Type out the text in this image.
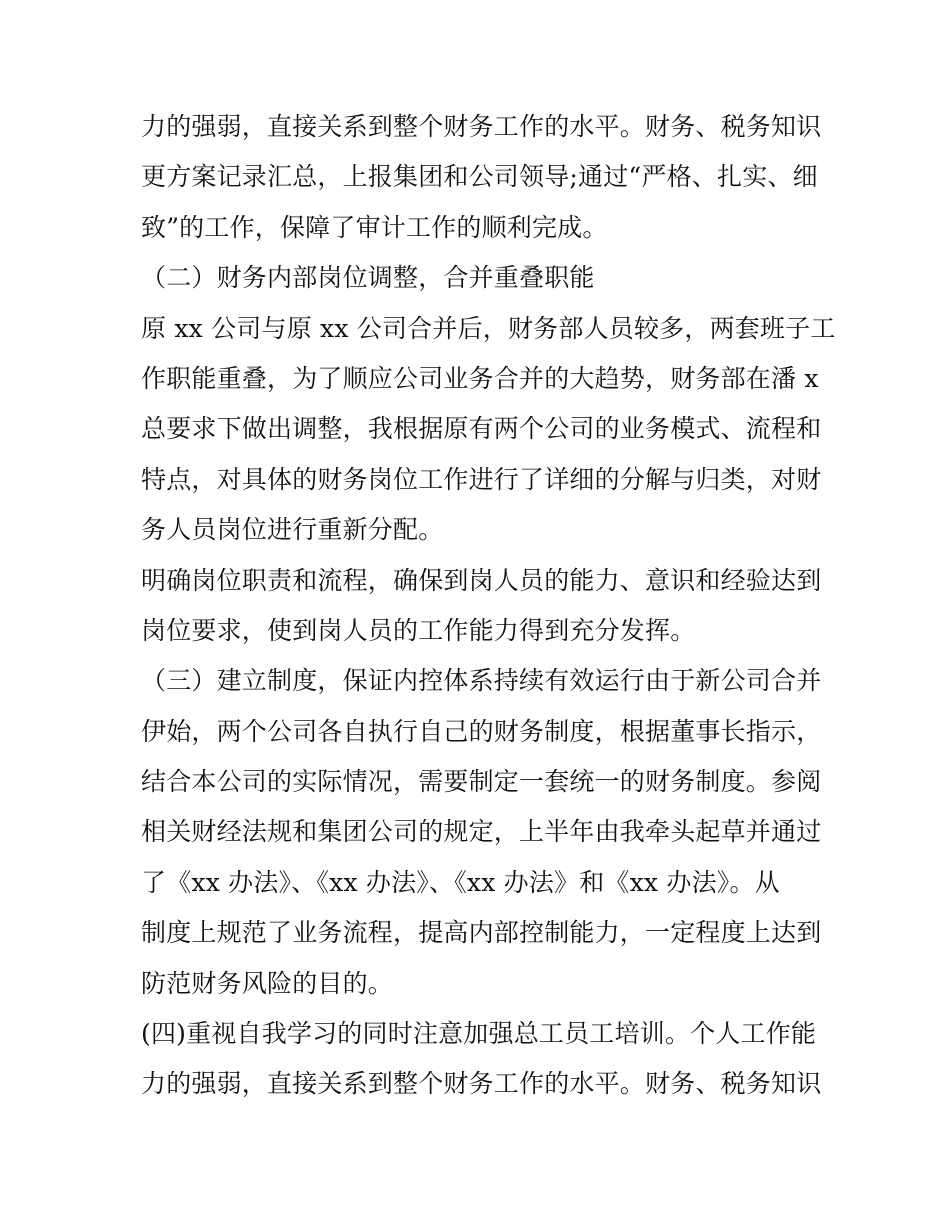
力的强弱，直接关系到整个财务工作的水平。财务、税务知识
更方案记录汇总，上报集团和公司领导;通过“严格、扎实、细
致”的工作，保障了审计工作的顺利完成。
（二）财务内部岗位调整，合并重叠职能
原 xx 公司与原 xx 公司合并后，财务部人员较多，两套班子工
作职能重叠，为了顺应公司业务合并的大趋势，财务部在潘 x
总要求下做出调整，我根据原有两个公司的业务模式、流程和
特点，对具体的财务岗位工作进行了详细的分解与归类，对财
务人员岗位进行重新分配。
明确岗位职责和流程，确保到岗人员的能力、意识和经验达到
岗位要求，使到岗人员的工作能力得到充分发挥。
（三）建立制度，保证内控体系持续有效运行由于新公司合并
伊始，两个公司各自执行自己的财务制度，根据董事长指示，
结合本公司的实际情况，需要制定一套统一的财务制度。参阅
相关财经法规和集团公司的规定，上半年由我牵头起草并通过
了《xx 办法》、《xx 办法》、《xx 办法》和《xx 办法》。从
制度上规范了业务流程，提高内部控制能力，一定程度上达到
防范财务风险的目的。
(四)重视自我学习的同时注意加强总工员工培训。个人工作能
力的强弱，直接关系到整个财务工作的水平。财务、税务知识
